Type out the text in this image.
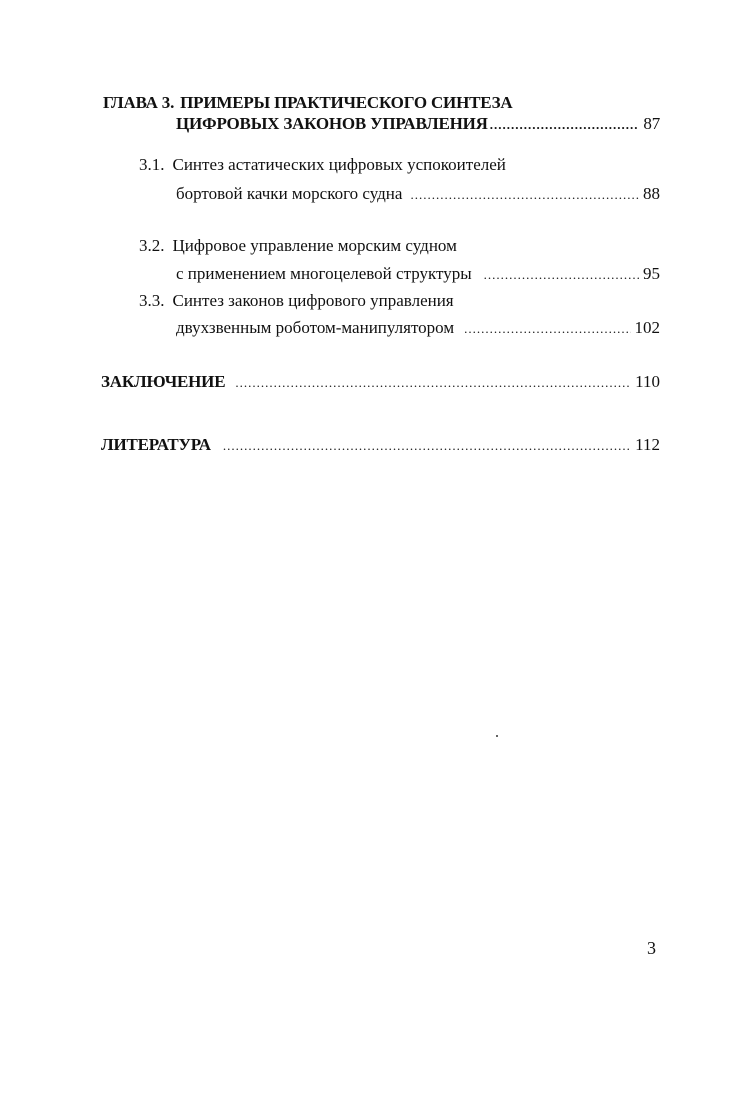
ГЛАВА 3. ПРИМЕРЫ ПРАКТИЧЕСКОГО СИНТЕЗА
ЦИФРОВЫХ ЗАКОНОВ УПРАВЛЕНИЯ .....	87
3.1. Синтез астатических цифровых успокоителей
бортовой качки морского судна .....	88
3.2. Цифровое управление морским судном
с применением многоцелевой структуры .....	95
3.3. Синтез законов цифрового управления
двухзвенным роботом-манипулятором .....	102
ЗАКЛЮЧЕНИЕ .....	110
ЛИТЕРАТУРА .....	112
3
